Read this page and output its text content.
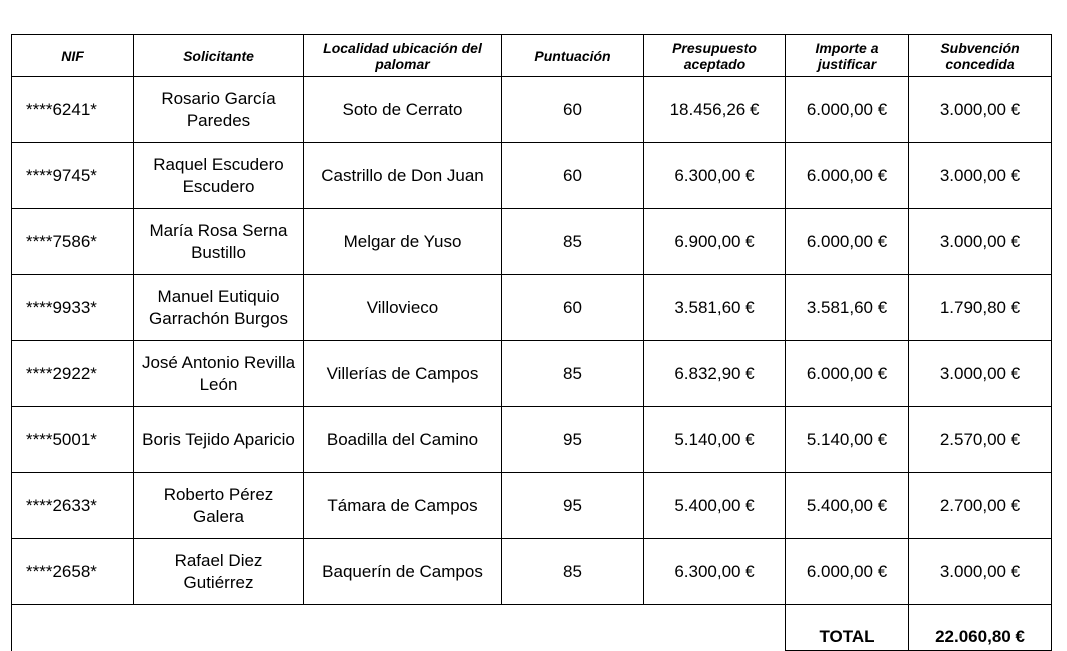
NIF	Solicitante	Localidad ubicación del palomar	Puntuación	Presupuesto aceptado	Importe a justificar	Subvención concedida
****6241*	Rosario García Paredes	Soto de Cerrato	60	18.456,26 €	6.000,00 €	3.000,00 €
****9745*	Raquel Escudero Escudero	Castrillo de Don Juan	60	6.300,00 €	6.000,00 €	3.000,00 €
****7586*	María Rosa Serna Bustillo	Melgar de Yuso	85	6.900,00 €	6.000,00 €	3.000,00 €
****9933*	Manuel Eutiquio Garrachón Burgos	Villovieco	60	3.581,60 €	3.581,60 €	1.790,80 €
****2922*	José Antonio Revilla León	Villerías de Campos	85	6.832,90 €	6.000,00 €	3.000,00 €
****5001*	Boris Tejido Aparicio	Boadilla del Camino	95	5.140,00 €	5.140,00 €	2.570,00 €
****2633*	Roberto Pérez Galera	Támara de Campos	95	5.400,00 €	5.400,00 €	2.700,00 €
****2658*	Rafael Diez Gutiérrez	Baquerín de Campos	85	6.300,00 €	6.000,00 €	3.000,00 €
					TOTAL	22.060,80 €
